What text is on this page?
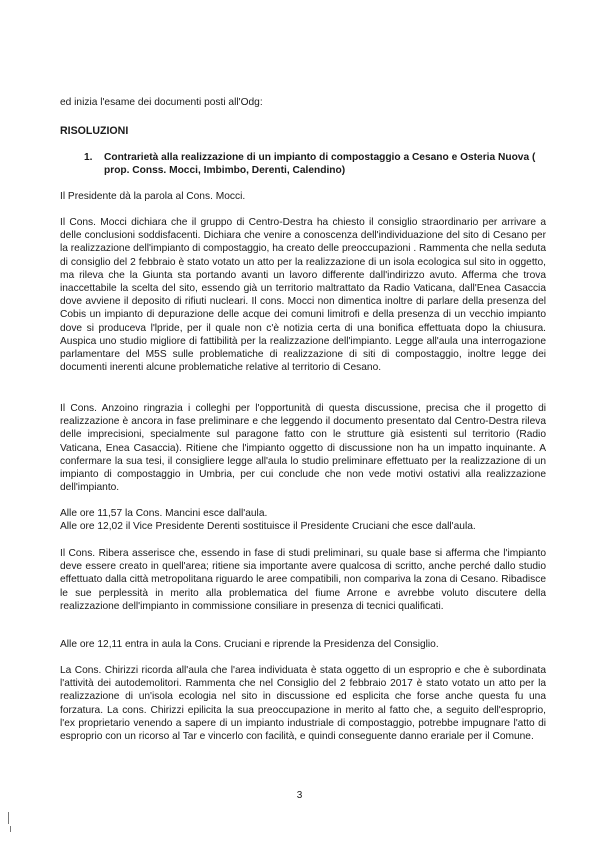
ed inizia l'esame dei documenti posti all'Odg:
RISOLUZIONI
1. Contrarietà alla realizzazione di un impianto di compostaggio a Cesano e Osteria Nuova ( prop. Conss. Mocci, Imbimbo, Derenti, Calendino)
Il Presidente dà la parola al Cons. Mocci.
Il Cons. Mocci dichiara che il gruppo di Centro-Destra ha chiesto il consiglio straordinario per arrivare a delle conclusioni soddisfacenti. Dichiara che venire a conoscenza dell'individuazione del sito di Cesano per la realizzazione dell'impianto di compostaggio, ha creato delle preoccupazioni . Rammenta che nella seduta di consiglio del 2 febbraio è stato votato un atto per la realizzazione di un isola ecologica sul sito in oggetto, ma rileva che la Giunta sta portando avanti un lavoro differente dall'indirizzo avuto. Afferma che trova inaccettabile la scelta del sito, essendo già un territorio maltrattato da Radio Vaticana, dall'Enea Casaccia dove avviene il deposito di rifiuti nucleari. Il cons. Mocci non dimentica inoltre di parlare della presenza del Cobis un impianto di depurazione delle acque dei comuni limitrofi e della presenza di un vecchio impianto dove si produceva l'lpride, per il quale non c'è notizia certa di una bonifica effettuata dopo la chiusura. Auspica uno studio migliore di fattibilità per la realizzazione dell'impianto. Legge all'aula una interrogazione parlamentare del M5S sulle problematiche di realizzazione di siti di compostaggio, inoltre legge dei documenti inerenti alcune problematiche relative al territorio di Cesano.
Il Cons. Anzoino ringrazia i colleghi per l'opportunità di questa discussione, precisa che il progetto di realizzazione è ancora in fase preliminare e che leggendo il documento presentato dal Centro-Destra rileva delle imprecisioni, specialmente sul paragone fatto con le strutture già esistenti sul territorio (Radio Vaticana, Enea Casaccia). Ritiene che l'impianto oggetto di discussione non ha un impatto inquinante. A confermare la sua tesi, il consigliere legge all'aula lo studio preliminare effettuato per la realizzazione di un impianto di compostaggio in Umbria, per cui conclude che non vede motivi ostativi alla realizzazione dell'impianto.
Alle ore 11,57 la Cons. Mancini esce dall'aula.
Alle ore 12,02 il Vice Presidente Derenti sostituisce il Presidente Cruciani che esce dall'aula.
Il Cons. Ribera asserisce che, essendo in fase di studi preliminari, su quale base si afferma che l'impianto deve essere creato in quell'area; ritiene sia importante avere qualcosa di scritto, anche perché dallo studio effettuato dalla città metropolitana riguardo le aree compatibili, non compariva la zona di Cesano. Ribadisce le sue perplessità in merito alla problematica del fiume Arrone e avrebbe voluto discutere della realizzazione dell'impianto in commissione consiliare in presenza di tecnici qualificati.
Alle ore 12,11 entra in aula la Cons. Cruciani e riprende la Presidenza del Consiglio.
La Cons. Chirizzi ricorda all'aula che l'area individuata è stata oggetto di un esproprio e che è subordinata l'attività dei autodemolitori. Rammenta che nel Consiglio del 2 febbraio 2017 è stato votato un atto per la realizzazione di un'isola ecologia nel sito in discussione ed esplicita che forse anche questa fu una forzatura. La cons. Chirizzi epilicita la sua preoccupazione in merito al fatto che, a seguito dell'esproprio, l'ex proprietario venendo a sapere di un impianto industriale di compostaggio, potrebbe impugnare l'atto di esproprio con un ricorso al Tar e vincerlo con facilità, e quindi conseguente danno erariale per il Comune.
3
